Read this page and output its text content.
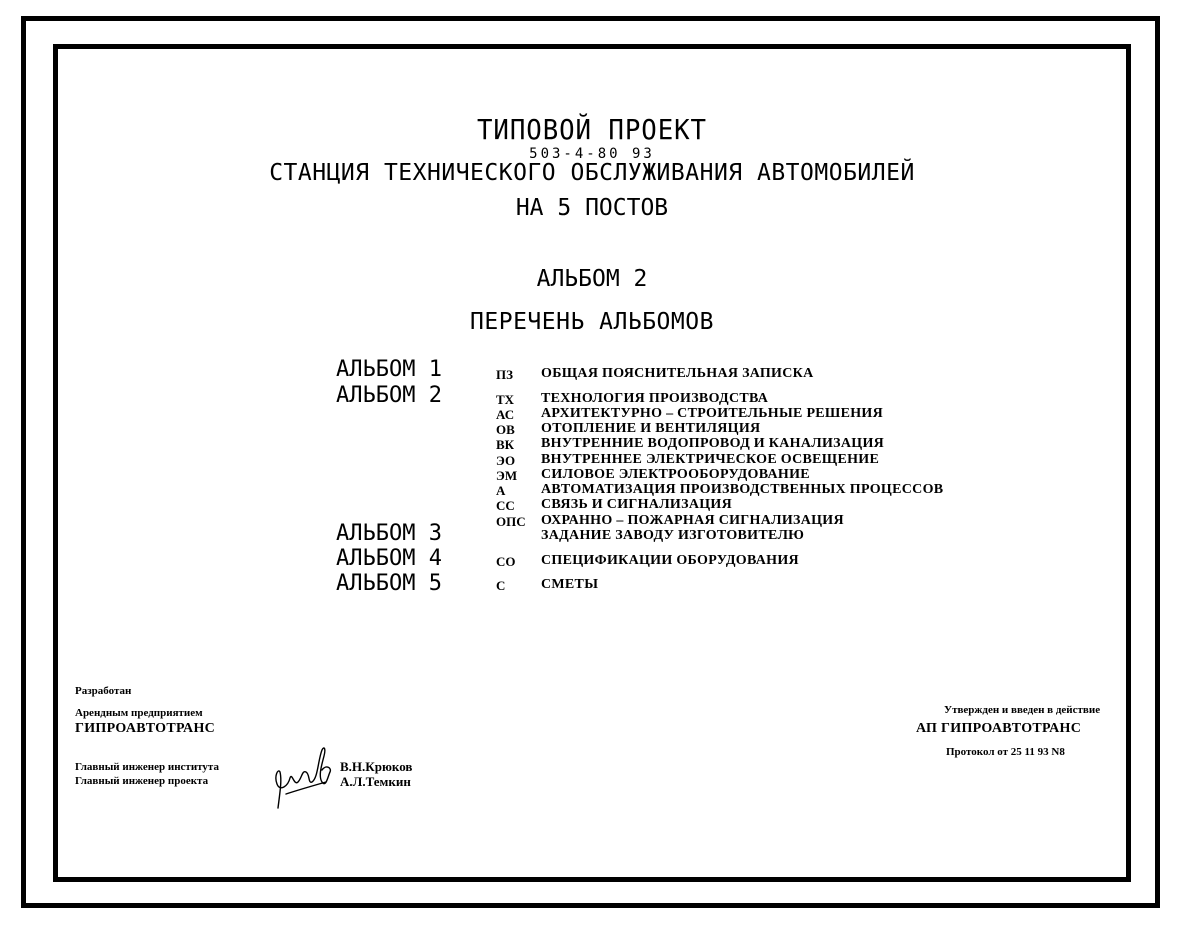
ТИПОВОЙ ПРОЕКТ
503-4-80 93
СТАНЦИЯ ТЕХНИЧЕСКОГО ОБСЛУЖИВАНИЯ АВТОМОБИЛЕЙ
НА 5 ПОСТОВ
АЛЬБОМ 2
ПЕРЕЧЕНЬ АЛЬБОМОВ
АЛЬБОМ 1
АЛЬБОМ 2
АЛЬБОМ 3
АЛЬБОМ 4
АЛЬБОМ 5
ПЗ ОБЩАЯ ПОЯСНИТЕЛЬНАЯ ЗАПИСКА
ТХ ТЕХНОЛОГИЯ ПРОИЗВОДСТВА
АС АРХИТЕКТУРНО – СТРОИТЕЛЬНЫЕ РЕШЕНИЯ
ОВ ОТОПЛЕНИЕ И ВЕНТИЛЯЦИЯ
ВК ВНУТРЕННИЕ ВОДОПРОВОД И КАНАЛИЗАЦИЯ
ЭО ВНУТРЕННЕЕ ЭЛЕКТРИЧЕСКОЕ ОСВЕЩЕНИЕ
ЭМ СИЛОВОЕ ЭЛЕКТРООБОРУДОВАНИЕ
А	АВТОМАТИЗАЦИЯ ПРОИЗВОДСТВЕННЫХ ПРОЦЕССОВ
СС СВЯЗЬ И СИГНАЛИЗАЦИЯ
ОПС ОХРАННО – ПОЖАРНАЯ СИГНАЛИЗАЦИЯ
ЗАДАНИЕ ЗАВОДУ ИЗГОТОВИТЕЛЮ
СО СПЕЦИФИКАЦИИ ОБОРУДОВАНИЯ
С	СМЕТЫ
Разработан
Арендным предприятием
ГИПРОАВТОТРАНС
Главный инженер института
Главный инженер проекта
В.Н.Крюков
А.Л.Темкин
Утвержден и введен в действие
АП ГИПРОАВТОТРАНС
Протокол от 25 11 93 N8
